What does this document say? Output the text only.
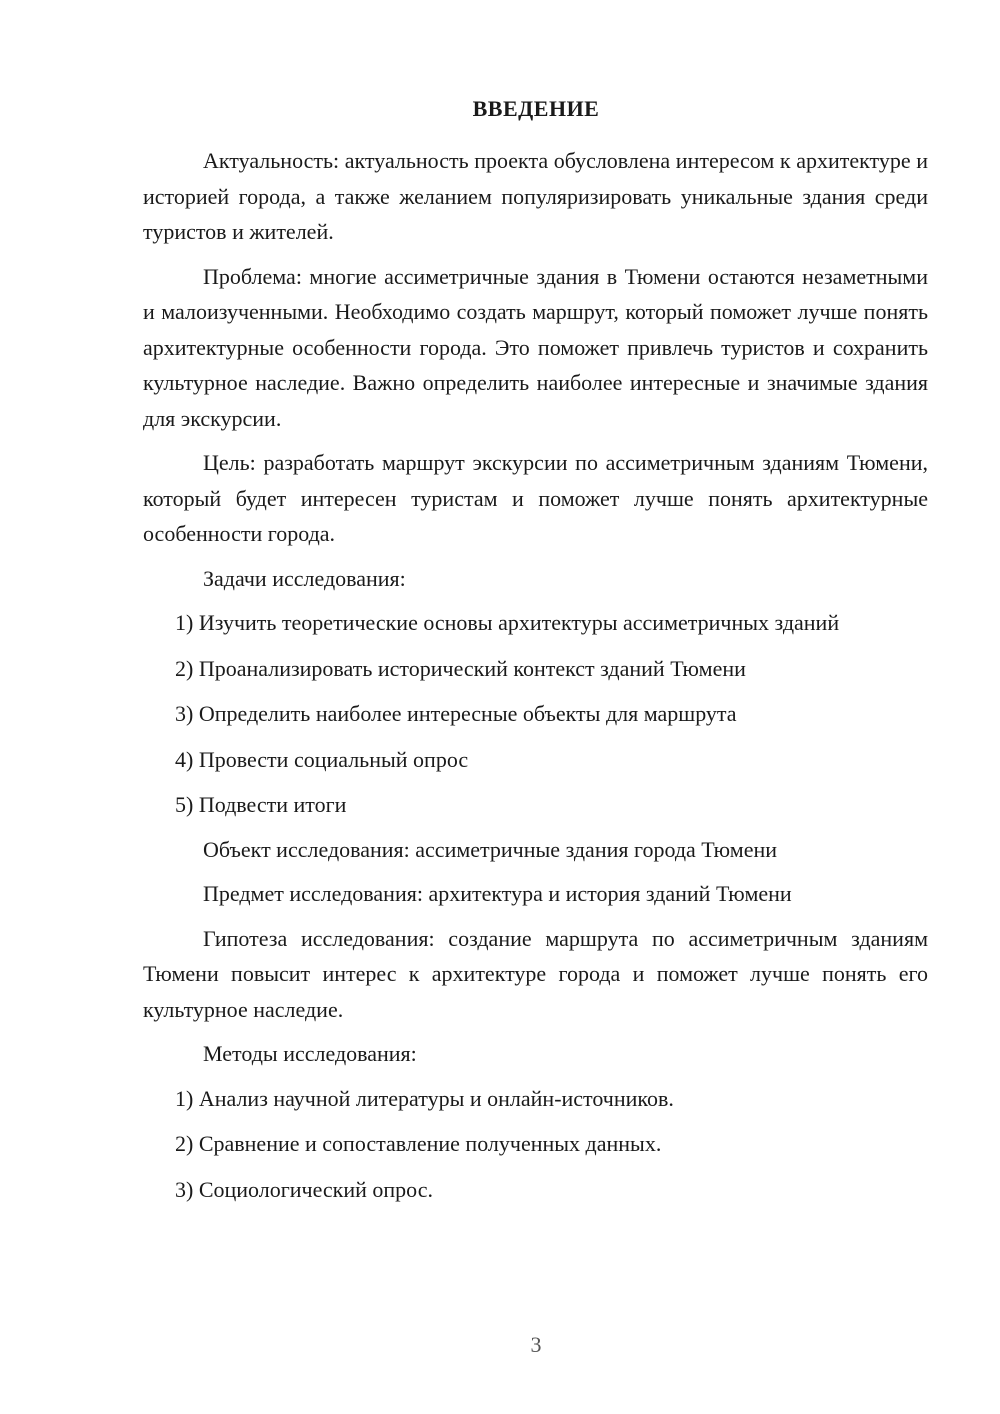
ВВЕДЕНИЕ

Актуальность: актуальность проекта обусловлена интересом к архитектуре и историей города, а также желанием популяризировать уникальные здания среди туристов и жителей.

Проблема: многие ассиметричные здания в Тюмени остаются незаметными и малоизученными. Необходимо создать маршрут, который поможет лучше понять архитектурные особенности города. Это поможет привлечь туристов и сохранить культурное наследие. Важно определить наиболее интересные и значимые здания для экскурсии.

Цель: разработать маршрут экскурсии по ассиметричным зданиям Тюмени, который будет интересен туристам и поможет лучше понять архитектурные особенности города.

Задачи исследования:

1) Изучить теоретические основы архитектуры ассиметричных зданий

2) Проанализировать исторический контекст зданий Тюмени

3) Определить наиболее интересные объекты для маршрута

4) Провести социальный опрос

5) Подвести итоги

Объект исследования: ассиметричные здания города Тюмени

Предмет исследования: архитектура и история зданий Тюмени

Гипотеза исследования: создание маршрута по ассиметричным зданиям Тюмени повысит интерес к архитектуре города и поможет лучше понять его культурное наследие.

Методы исследования:

1) Анализ научной литературы и онлайн-источников.

2) Сравнение и сопоставление полученных данных.

3) Социологический опрос.

3
